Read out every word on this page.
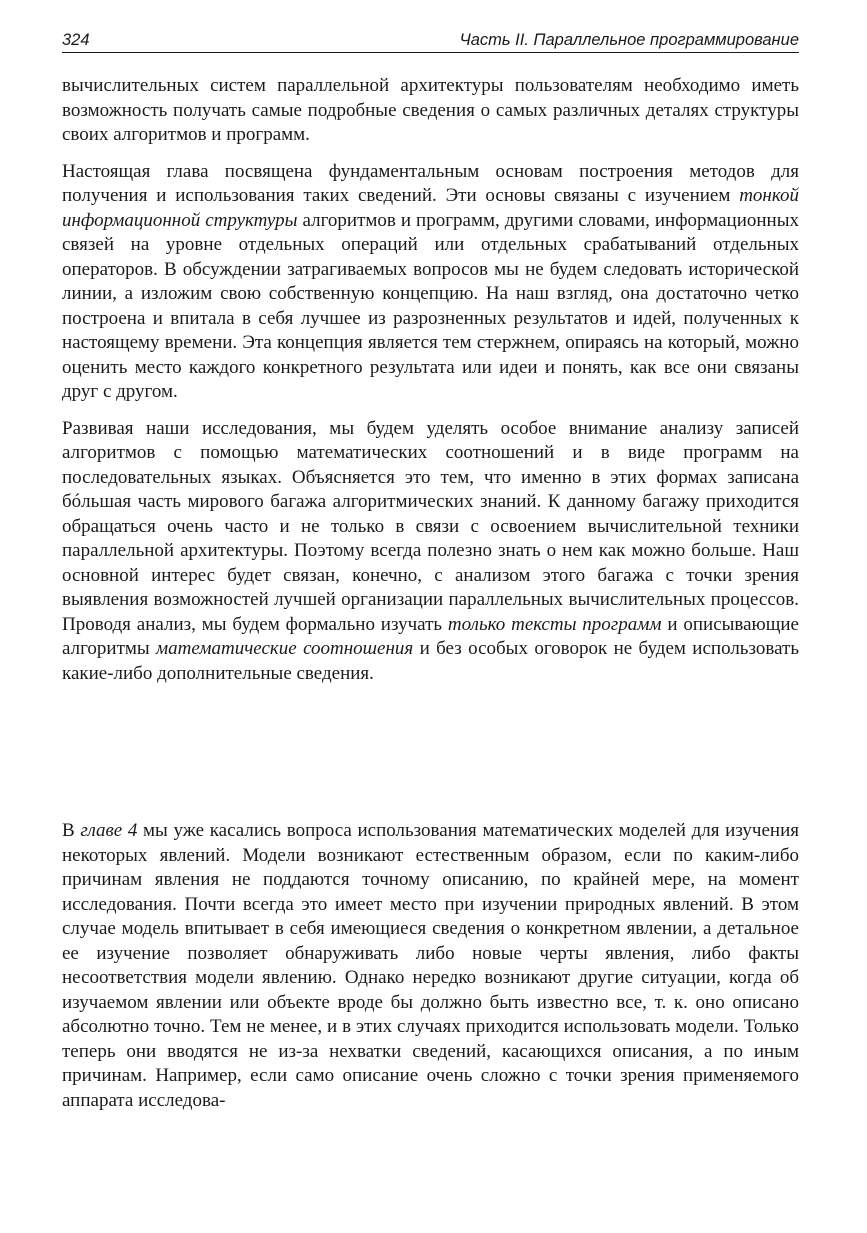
324	Часть II. Параллельное программирование

вычислительных систем параллельной архитектуры пользователям необходимо иметь возможность получать самые подробные сведения о самых различных деталях структуры своих алгоритмов и программ.

Настоящая глава посвящена фундаментальным основам построения методов для получения и использования таких сведений. Эти основы связаны с изучением тонкой информационной структуры алгоритмов и программ, другими словами, информационных связей на уровне отдельных операций или отдельных срабатываний отдельных операторов. В обсуждении затрагиваемых вопросов мы не будем следовать исторической линии, а изложим свою собственную концепцию. На наш взгляд, она достаточно четко построена и впитала в себя лучшее из разрозненных результатов и идей, полученных к настоящему времени. Эта концепция является тем стержнем, опираясь на который, можно оценить место каждого конкретного результата или идеи и понять, как все они связаны друг с другом.

Развивая наши исследования, мы будем уделять особое внимание анализу записей алгоритмов с помощью математических соотношений и в виде программ на последовательных языках. Объясняется это тем, что именно в этих формах записана бóльшая часть мирового багажа алгоритмических знаний. К данному багажу приходится обращаться очень часто и не только в связи с освоением вычислительной техники параллельной архитектуры. Поэтому всегда полезно знать о нем как можно больше. Наш основной интерес будет связан, конечно, с анализом этого багажа с точки зрения выявления возможностей лучшей организации параллельных вычислительных процессов. Проводя анализ, мы будем формально изучать только тексты программ и описывающие алгоритмы математические соотношения и без особых оговорок не будем использовать какие-либо дополнительные сведения.

В главе 4 мы уже касались вопроса использования математических моделей для изучения некоторых явлений. Модели возникают естественным образом, если по каким-либо причинам явления не поддаются точному описанию, по крайней мере, на момент исследования. Почти всегда это имеет место при изучении природных явлений. В этом случае модель впитывает в себя имеющиеся сведения о конкретном явлении, а детальное ее изучение позволяет обнаруживать либо новые черты явления, либо факты несоответствия модели явлению. Однако нередко возникают другие ситуации, когда об изучаемом явлении или объекте вроде бы должно быть известно все, т. к. оно описано абсолютно точно. Тем не менее, и в этих случаях приходится использовать модели. Только теперь они вводятся не из-за нехватки сведений, касающихся описания, а по иным причинам. Например, если само описание очень сложно с точки зрения применяемого аппарата исследова-
